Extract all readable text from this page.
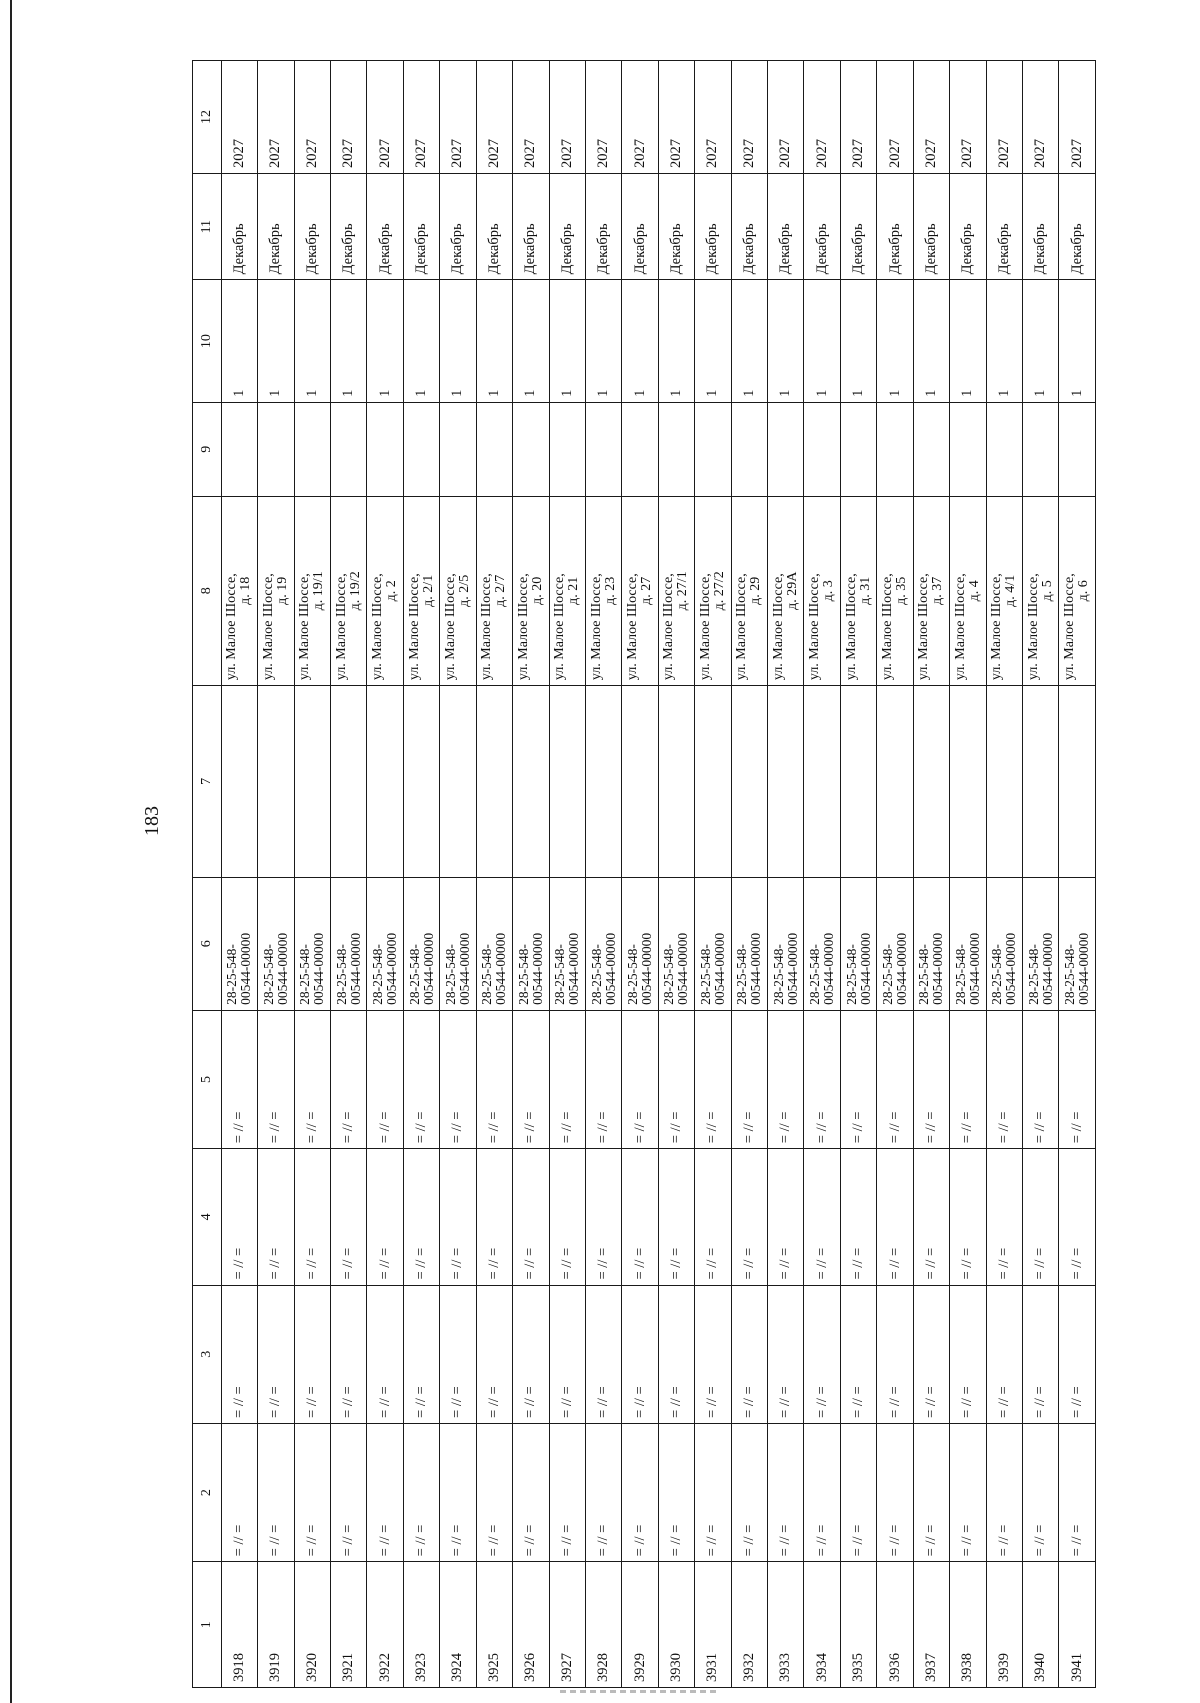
183
1	2	3	4	5	6	7	8	9	10	11	12
3918	= // =	= // =	= // =	= // =	28-25-548-
00544-00000		ул. Малое Шоссе, д. 18		1	Декабрь	2027
3919	= // =	= // =	= // =	= // =	28-25-548-
00544-00000		ул. Малое Шоссе, д. 19		1	Декабрь	2027
3920	= // =	= // =	= // =	= // =	28-25-548-
00544-00000		ул. Малое Шоссе, д. 19/1		1	Декабрь	2027
3921	= // =	= // =	= // =	= // =	28-25-548-
00544-00000		ул. Малое Шоссе, д. 19/2		1	Декабрь	2027
3922	= // =	= // =	= // =	= // =	28-25-548-
00544-00000		ул. Малое Шоссе, д. 2		1	Декабрь	2027
3923	= // =	= // =	= // =	= // =	28-25-548-
00544-00000		ул. Малое Шоссе, д. 2/1		1	Декабрь	2027
3924	= // =	= // =	= // =	= // =	28-25-548-
00544-00000		ул. Малое Шоссе, д. 2/5		1	Декабрь	2027
3925	= // =	= // =	= // =	= // =	28-25-548-
00544-00000		ул. Малое Шоссе, д. 2/7		1	Декабрь	2027
3926	= // =	= // =	= // =	= // =	28-25-548-
00544-00000		ул. Малое Шоссе, д. 20		1	Декабрь	2027
3927	= // =	= // =	= // =	= // =	28-25-548-
00544-00000		ул. Малое Шоссе, д. 21		1	Декабрь	2027
3928	= // =	= // =	= // =	= // =	28-25-548-
00544-00000		ул. Малое Шоссе, д. 23		1	Декабрь	2027
3929	= // =	= // =	= // =	= // =	28-25-548-
00544-00000		ул. Малое Шоссе, д. 27		1	Декабрь	2027
3930	= // =	= // =	= // =	= // =	28-25-548-
00544-00000		ул. Малое Шоссе, д. 27/1		1	Декабрь	2027
3931	= // =	= // =	= // =	= // =	28-25-548-
00544-00000		ул. Малое Шоссе, д. 27/2		1	Декабрь	2027
3932	= // =	= // =	= // =	= // =	28-25-548-
00544-00000		ул. Малое Шоссе, д. 29		1	Декабрь	2027
3933	= // =	= // =	= // =	= // =	28-25-548-
00544-00000		ул. Малое Шоссе, д. 29А		1	Декабрь	2027
3934	= // =	= // =	= // =	= // =	28-25-548-
00544-00000		ул. Малое Шоссе, д. 3		1	Декабрь	2027
3935	= // =	= // =	= // =	= // =	28-25-548-
00544-00000		ул. Малое Шоссе, д. 31		1	Декабрь	2027
3936	= // =	= // =	= // =	= // =	28-25-548-
00544-00000		ул. Малое Шоссе, д. 35		1	Декабрь	2027
3937	= // =	= // =	= // =	= // =	28-25-548-
00544-00000		ул. Малое Шоссе, д. 37		1	Декабрь	2027
3938	= // =	= // =	= // =	= // =	28-25-548-
00544-00000		ул. Малое Шоссе, д. 4		1	Декабрь	2027
3939	= // =	= // =	= // =	= // =	28-25-548-
00544-00000		ул. Малое Шоссе, д. 4/1		1	Декабрь	2027
3940	= // =	= // =	= // =	= // =	28-25-548-
00544-00000		ул. Малое Шоссе, д. 5		1	Декабрь	2027
3941	= // =	= // =	= // =	= // =	28-25-548-
00544-00000		ул. Малое Шоссе, д. 6		1	Декабрь	2027
